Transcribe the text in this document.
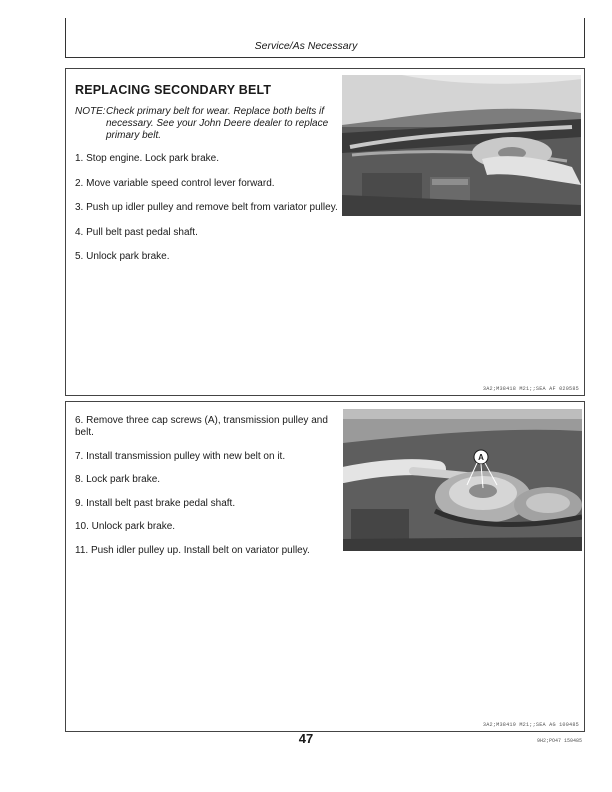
Service/As Necessary
REPLACING SECONDARY BELT
NOTE:Check primary belt for wear. Replace both belts if
necessary. See your John Deere dealer to replace primary belt.
1. Stop engine. Lock park brake.
2. Move variable speed control lever forward.
3. Push up idler pulley and remove belt from variator pulley.
4. Pull belt past pedal shaft.
5. Unlock park brake.
3A2;M38418 M21;;SEA AF 020585
6. Remove three cap screws (A), transmission pulley and belt.
7. Install transmission pulley with new belt on it.
8. Lock park brake.
9. Install belt past brake pedal shaft.
10. Unlock park brake.
11. Push idler pulley up. Install belt on variator pulley.
A
3A2;M38419 M21;;SEA AG 100485
47	9H2;PO47 150485
